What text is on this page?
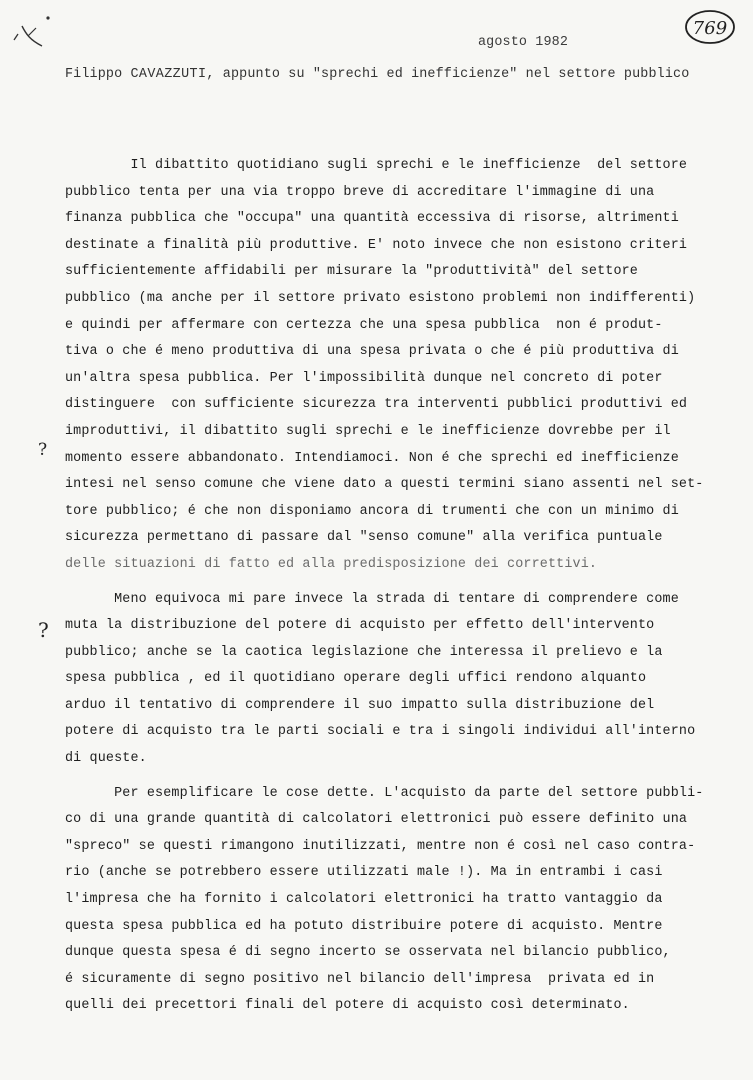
769
agosto 1982
Filippo CAVAZZUTI, appunto su "sprechi ed inefficienze" nel settore pubblico
?
?
Il dibattito quotidiano sugli sprechi e le inefficienze  del settore
pubblico tenta per una via troppo breve di accreditare l'immagine di una
finanza pubblica che "occupa" una quantità eccessiva di risorse, altrimenti
destinate a finalità più produttive. E' noto invece che non esistono criteri
sufficientemente affidabili per misurare la "produttività" del settore
pubblico (ma anche per il settore privato esistono problemi non indifferenti)
e quindi per affermare con certezza che una spesa pubblica  non é produt-
tiva o che é meno produttiva di una spesa privata o che é più produttiva di
un'altra spesa pubblica. Per l'impossibilità dunque nel concreto di poter
distinguere  con sufficiente sicurezza tra interventi pubblici produttivi ed
improduttivi, il dibattito sugli sprechi e le inefficienze dovrebbe per il
momento essere abbandonato. Intendiamoci. Non é che sprechi ed inefficienze
intesi nel senso comune che viene dato a questi termini siano assenti nel set-
tore pubblico; é che non disponiamo ancora di trumenti che con un minimo di
sicurezza permettano di passare dal "senso comune" alla verifica puntuale
delle situazioni di fatto ed alla predisposizione dei correttivi.
Meno equivoca mi pare invece la strada di tentare di comprendere come
muta la distribuzione del potere di acquisto per effetto dell'intervento
pubblico; anche se la caotica legislazione che interessa il prelievo e la
spesa pubblica , ed il quotidiano operare degli uffici rendono alquanto
arduo il tentativo di comprendere il suo impatto sulla distribuzione del
potere di acquisto tra le parti sociali e tra i singoli individui all'interno
di queste.
Per esemplificare le cose dette. L'acquisto da parte del settore pubbli-
co di una grande quantità di calcolatori elettronici può essere definito una
"spreco" se questi rimangono inutilizzati, mentre non é così nel caso contra-
rio (anche se potrebbero essere utilizzati male !). Ma in entrambi i casi
l'impresa che ha fornito i calcolatori elettronici ha tratto vantaggio da
questa spesa pubblica ed ha potuto distribuire potere di acquisto. Mentre
dunque questa spesa é di segno incerto se osservata nel bilancio pubblico,
é sicuramente di segno positivo nel bilancio dell'impresa  privata ed in
quelli dei precettori finali del potere di acquisto così determinato.
